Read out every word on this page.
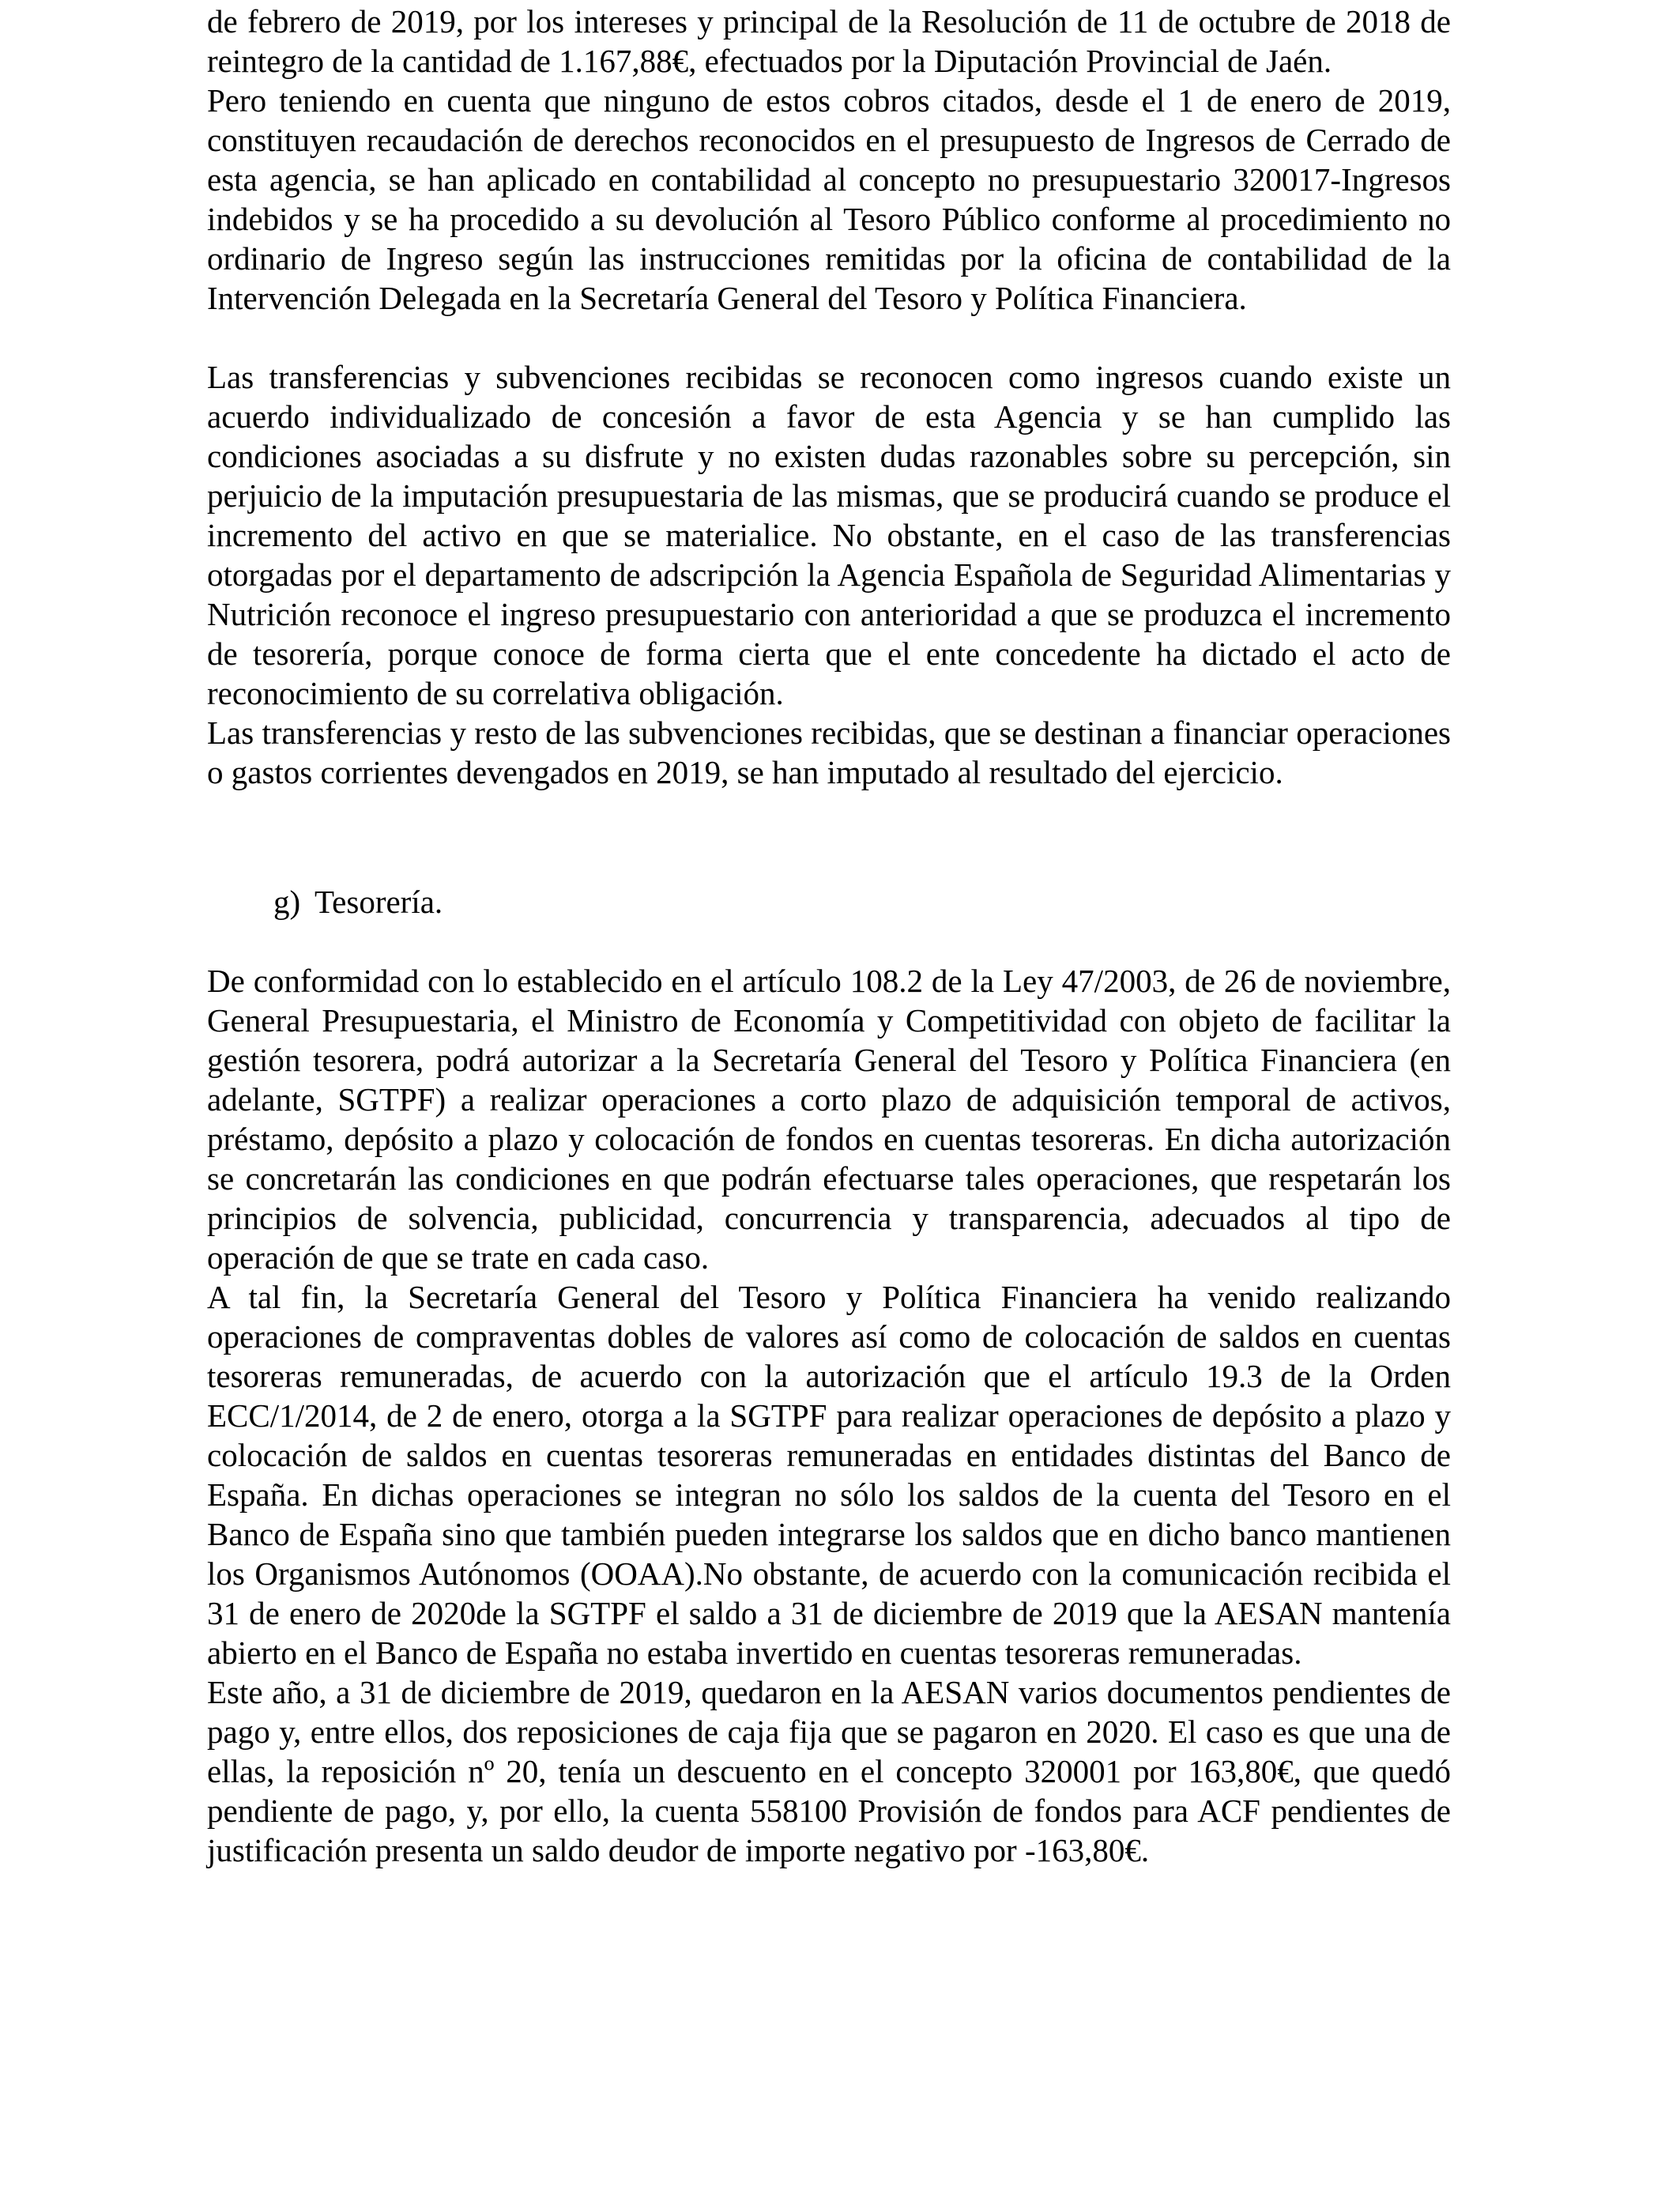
de febrero de 2019, por los intereses y principal de la Resolución de 11 de octubre de 2018 de reintegro de la cantidad de 1.167,88€, efectuados por la Diputación Provincial de Jaén.

Pero teniendo en cuenta que ninguno de estos cobros citados, desde el 1 de enero de 2019, constituyen recaudación de derechos reconocidos en el presupuesto de Ingresos de Cerrado de esta agencia, se han aplicado en contabilidad al concepto no presupuestario 320017-Ingresos indebidos y se ha procedido a su devolución al Tesoro Público conforme al procedimiento no ordinario de Ingreso según las instrucciones remitidas por la oficina de contabilidad de la Intervención Delegada en la Secretaría General del Tesoro y Política Financiera.

Las transferencias y subvenciones recibidas se reconocen como ingresos cuando existe un acuerdo individualizado de concesión a favor de esta Agencia y se han cumplido las condiciones asociadas a su disfrute y no existen dudas razonables sobre su percepción, sin perjuicio de la imputación presupuestaria de las mismas, que se producirá cuando se produce el incremento del activo en que se materialice. No obstante, en el caso de las transferencias otorgadas por el departamento de adscripción la Agencia Española de Seguridad Alimentarias y Nutrición reconoce el ingreso presupuestario con anterioridad a que se produzca el incremento de tesorería, porque conoce de forma cierta que el ente concedente ha dictado el acto de reconocimiento de su correlativa obligación.

Las transferencias y resto de las subvenciones recibidas, que se destinan a financiar operaciones o gastos corrientes devengados en 2019, se han imputado al resultado del ejercicio.

g) Tesorería.

De conformidad con lo establecido en el artículo 108.2 de la Ley 47/2003, de 26 de noviembre, General Presupuestaria, el Ministro de Economía y Competitividad con objeto de facilitar la gestión tesorera, podrá autorizar a la Secretaría General del Tesoro y Política Financiera (en adelante, SGTPF) a realizar operaciones a corto plazo de adquisición temporal de activos, préstamo, depósito a plazo y colocación de fondos en cuentas tesoreras. En dicha autorización se concretarán las condiciones en que podrán efectuarse tales operaciones, que respetarán los principios de solvencia, publicidad, concurrencia y transparencia, adecuados al tipo de operación de que se trate en cada caso.

A tal fin, la Secretaría General del Tesoro y Política Financiera ha venido realizando operaciones de compraventas dobles de valores así como de colocación de saldos en cuentas tesoreras remuneradas, de acuerdo con la autorización que el artículo 19.3 de la Orden ECC/1/2014, de 2 de enero, otorga a la SGTPF para realizar operaciones de depósito a plazo y colocación de saldos en cuentas tesoreras remuneradas en entidades distintas del Banco de España. En dichas operaciones se integran no sólo los saldos de la cuenta del Tesoro en el Banco de España sino que también pueden integrarse los saldos que en dicho banco mantienen los Organismos Autónomos (OOAA).No obstante, de acuerdo con la comunicación recibida el 31 de enero de 2020de la SGTPF el saldo a 31 de diciembre de 2019 que la AESAN mantenía abierto en el Banco de España no estaba invertido en cuentas tesoreras remuneradas.

Este año, a 31 de diciembre de 2019, quedaron en la AESAN varios documentos pendientes de pago y, entre ellos, dos reposiciones de caja fija que se pagaron en 2020. El caso es que una de ellas, la reposición nº 20, tenía un descuento en el concepto 320001 por 163,80€, que quedó pendiente de pago, y, por ello, la cuenta 558100 Provisión de fondos para ACF pendientes de justificación presenta un saldo deudor de importe negativo por -163,80€.
